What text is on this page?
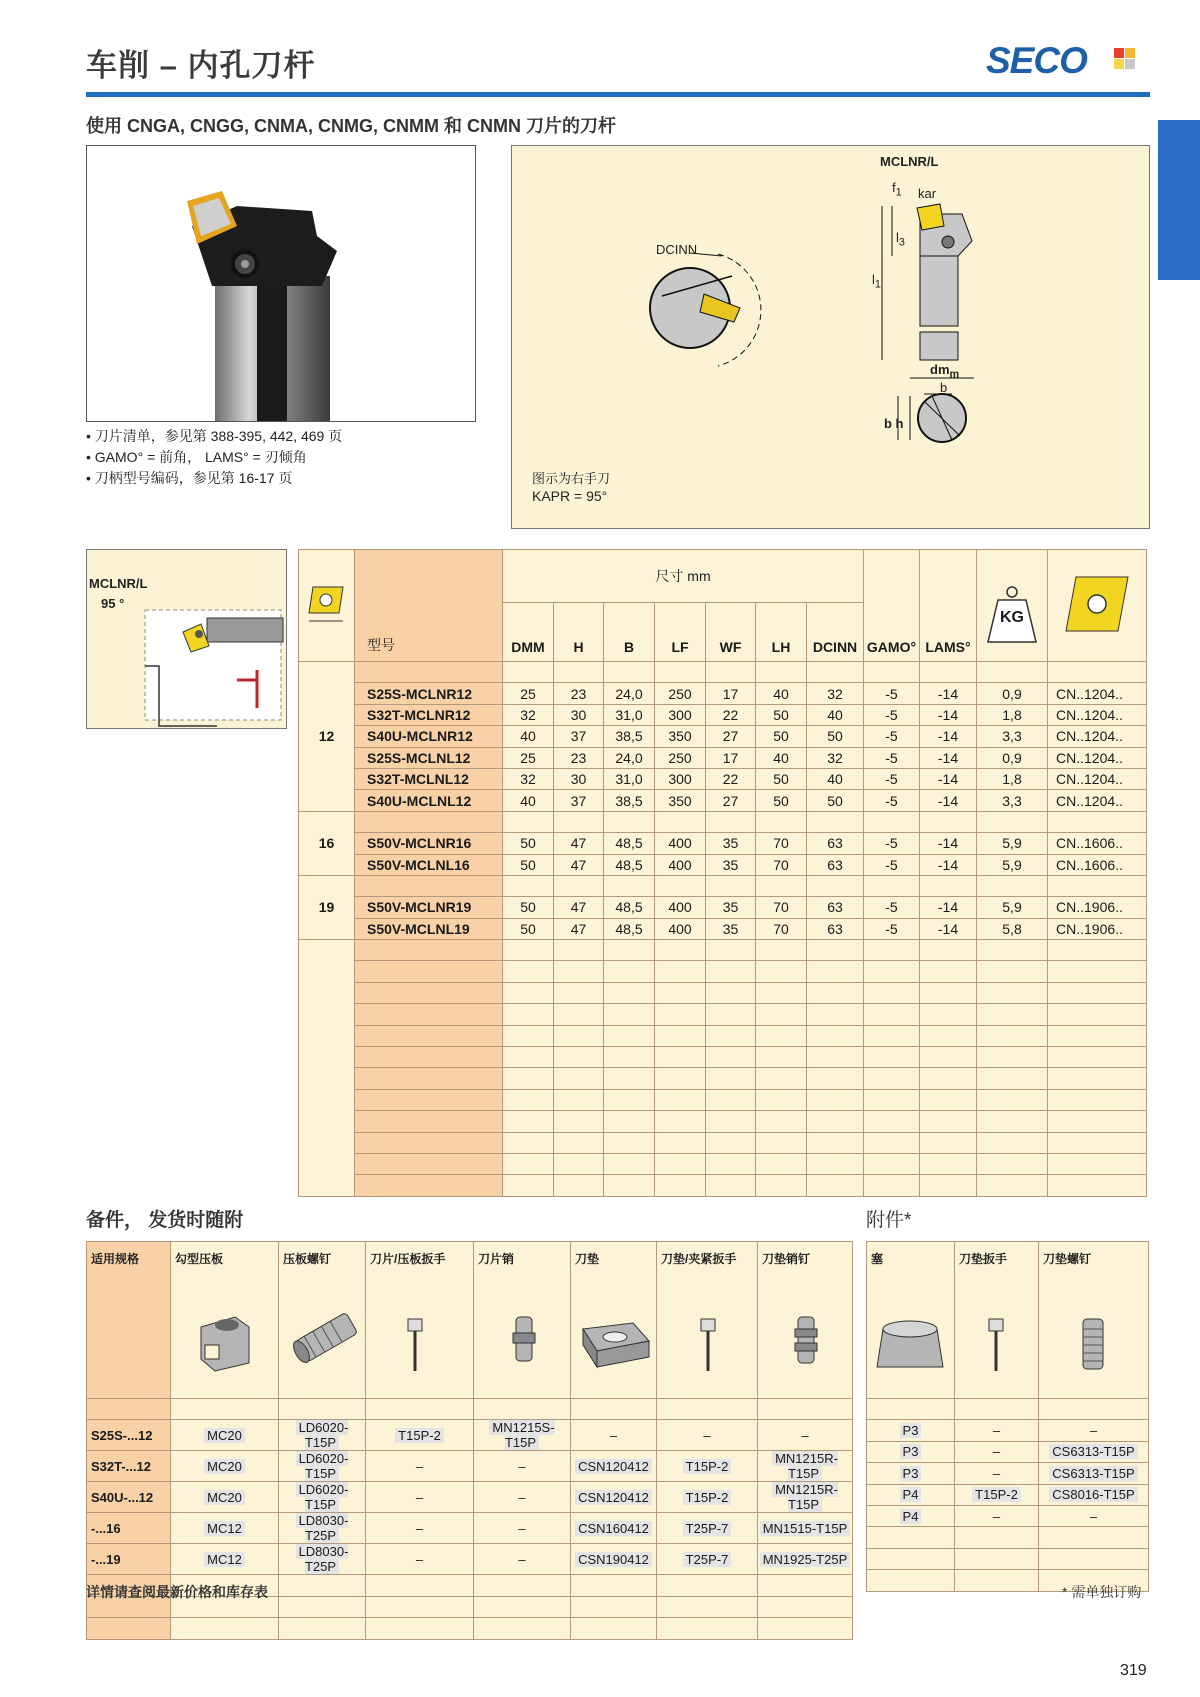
车削 – 内孔刀杆	SECO
使用 CNGA, CNGG, CNMA, CNMG, CNMM 和 CNMN 刀片的刀杆
• 刀片清单，参见第 388-395, 442, 469 页
• GAMO° = 前角， LAMS° = 刃倾角
• 刀柄型号编码，参见第 16-17 页
MCLNR/L
$f_1$ kar
$l_3$
$l_1$
DCINN
$dm_m$
b
b h
图示为右手刀
KAPR = 95°
MCLNR/L
95 °
	型号	尺寸 mm							GAMO°	LAMS°	KG

		DMM	H	B	LF	WF	LH	DCINN				
12												
	S25S-MCLNR12	25	23	24,0	250	17	40	32	-5	-14	0,9	CN..1204..
	S32T-MCLNR12	32	30	31,0	300	22	50	40	-5	-14	1,8	CN..1204..
	S40U-MCLNR12	40	37	38,5	350	27	50	50	-5	-14	3,3	CN..1204..
	S25S-MCLNL12	25	23	24,0	250	17	40	32	-5	-14	0,9	CN..1204..
	S32T-MCLNL12	32	30	31,0	300	22	50	40	-5	-14	1,8	CN..1204..
	S40U-MCLNL12	40	37	38,5	350	27	50	50	-5	-14	3,3	CN..1204..
16												
	S50V-MCLNR16	50	47	48,5	400	35	70	63	-5	-14	5,9	CN..1606..
	S50V-MCLNL16	50	47	48,5	400	35	70	63	-5	-14	5,9	CN..1606..
19												
	S50V-MCLNR19	50	47	48,5	400	35	70	63	-5	-14	5,9	CN..1906..
	S50V-MCLNL19	50	47	48,5	400	35	70	63	-5	-14	5,8	CN..1906..

备件， 发货时随附	附件*
适用规格	勾型压板	压板螺钉	刀片/压板扳手	刀片销	刀垫	刀垫/夹紧扳手	刀垫销钉

S25S-...12	MC20	LD6020-T15P	T15P-2	MN1215S-T15P	–	–	–
S32T-...12	MC20	LD6020-T15P	–	–	CSN120412	T15P-2	MN1215R-T15P
S40U-...12	MC20	LD6020-T15P	–	–	CSN120412	T15P-2	MN1215R-T15P
-...16	MC12	LD8030-T25P	–	–	CSN160412	T25P-7	MN1515-T15P
-...19	MC12	LD8030-T25P	–	–	CSN190412	T25P-7	MN1925-T25P

塞	刀垫扳手	刀垫螺钉

P3	–	–
P3	–	CS6313-T15P
P3	–	CS6313-T15P
P4	T15P-2	CS8016-T15P
P4	–	–

详情请查阅最新价格和库存表	* 需单独订购
319
